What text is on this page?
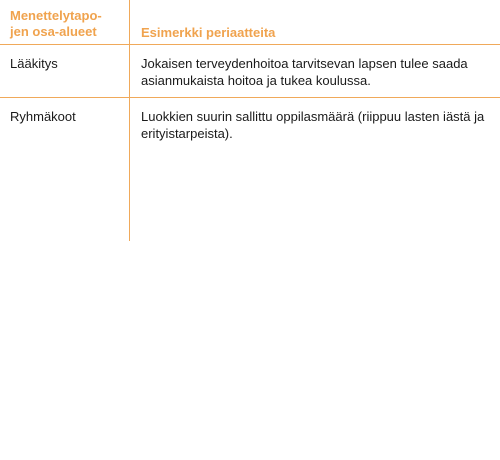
Menettelytapo-
jen osa-alueet	Esimerkki periaatteita
Lääkitys	Jokaisen terveydenhoitoa tarvitsevan lapsen tulee saada asianmukaista hoitoa ja tukea koulussa.
Ryhmäkoot	Luokkien suurin sallittu oppilasmäärä (riippuu lasten iästä ja erityistarpeista).
